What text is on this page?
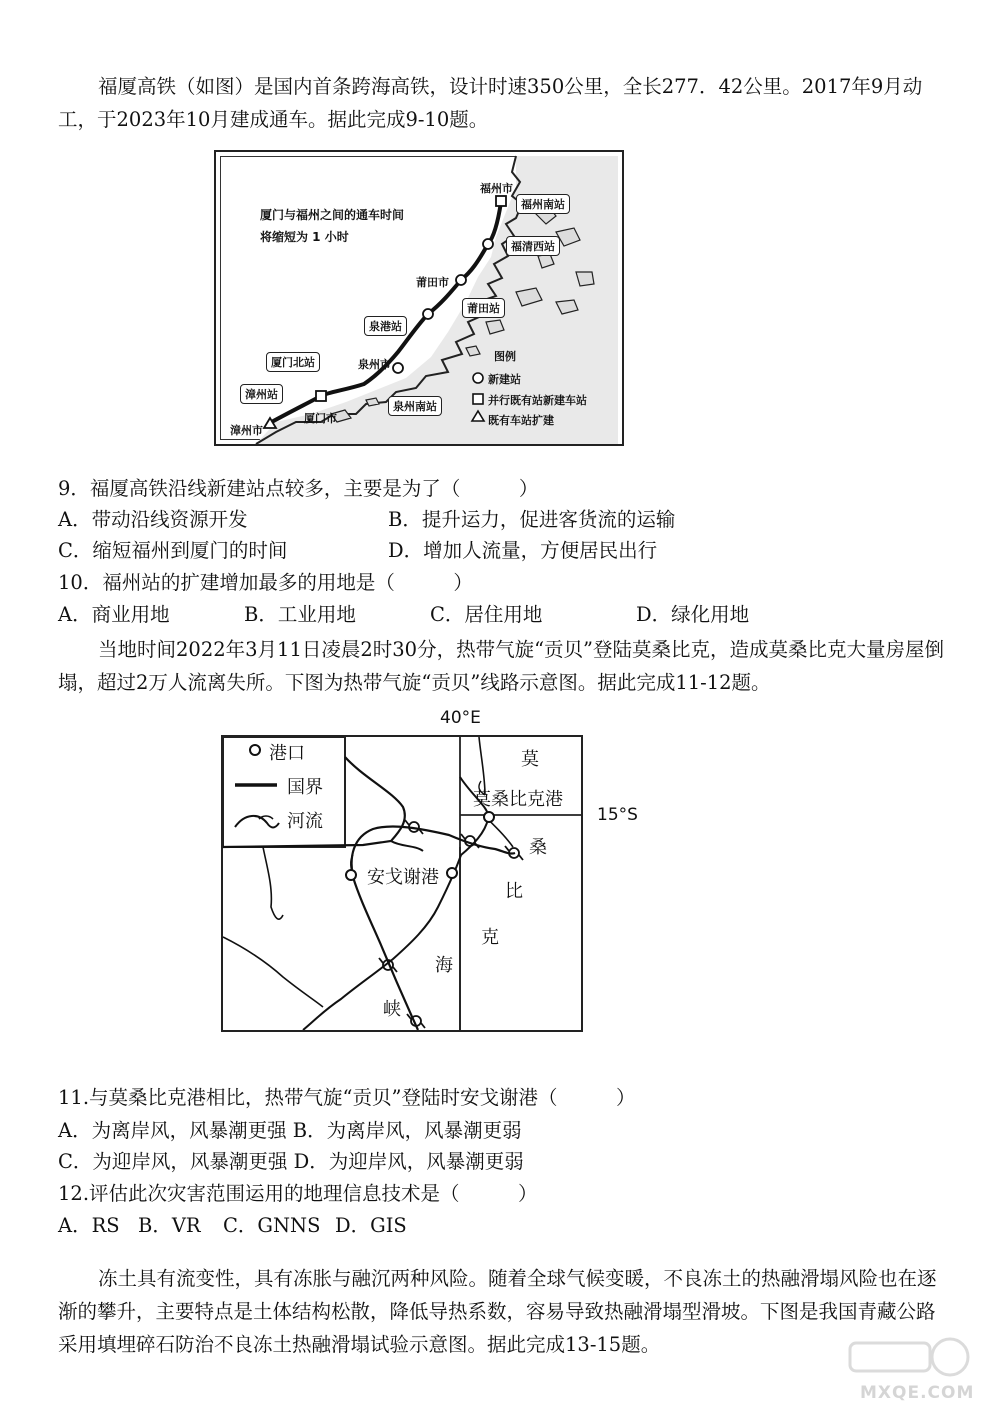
福厦高铁（如图）是国内首条跨海高铁，设计时速350公里，全长277．42公里。2017年9月动工，于2023年10月建成通车。据此完成9-10题。
厦门与福州之间的通车时间
将缩短为 1 小时
福州市
福州南站
福清西站
莆田市
莆田站
泉港站
泉州市
泉州南站
厦门北站
厦门市
漳州站
漳州市
图例
新建站
并行既有站新建车站
既有车站扩建
9．福厦高铁沿线新建站点较多，主要是为了（　　　）
A．带动沿线资源开发	B．提升运力，促进客货流的运输
C．缩短福州到厦门的时间	D．增加人流量，方便居民出行
10．福州站的扩建增加最多的用地是（　　　）
A．商业用地	B．工业用地	C．居住用地	D．绿化用地
当地时间2022年3月11日凌晨2时30分，热带气旋“贡贝”登陆莫桑比克，造成莫桑比克大量房屋倒塌，超过2万人流离失所。下图为热带气旋“贡贝”线路示意图。据此完成11-12题。
40°E
15°S
港口
国界
河流
莫桑比克港
安戈谢港
莫
桑
比
克
海
峡
11.与莫桑比克港相比，热带气旋“贡贝”登陆时安戈谢港（　　　）
A．为离岸风，风暴潮更强 B．为离岸风，风暴潮更弱
C．为迎岸风，风暴潮更强 D．为迎岸风，风暴潮更弱
12.评估此次灾害范围运用的地理信息技术是（　　　）
A．RS B．VR C．GNNS D．GIS
冻土具有流变性，具有冻胀与融沉两种风险。随着全球气候变暖，不良冻土的热融滑塌风险也在逐渐的攀升，主要特点是土体结构松散，降低导热系数，容易导致热融滑塌型滑坡。下图是我国青藏公路采用填埋碎石防治不良冻土热融滑塌试验示意图。据此完成13-15题。
MXQE.COM
